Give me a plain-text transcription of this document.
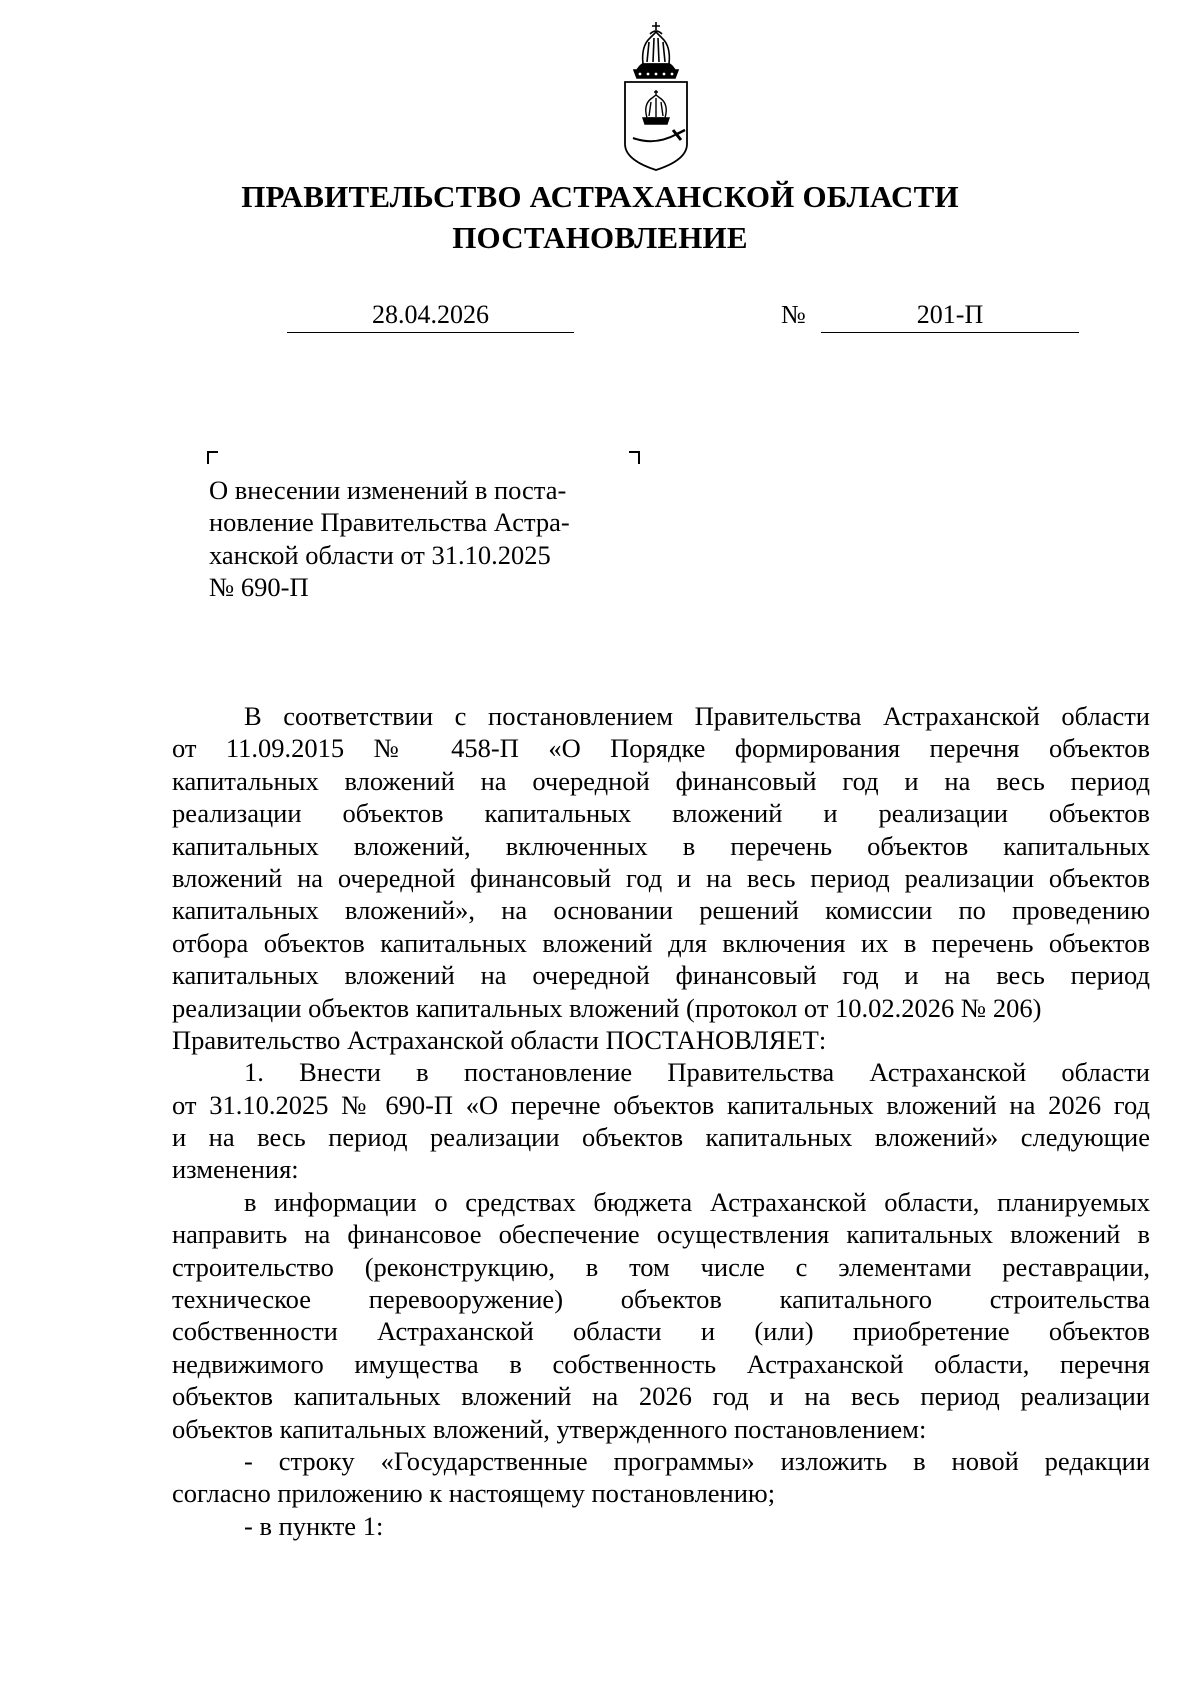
ПРАВИТЕЛЬСТВО АСТРАХАНСКОЙ ОБЛАСТИ
ПОСТАНОВЛЕНИЕ
28.04.2026	№	201-П
О внесении изменений в поста-
новление Правительства Астра-
ханской области от 31.10.2025
№ 690-П
В соответствии с постановлением Правительства Астраханской области
от 11.09.2015 № 458-П «О Порядке формирования перечня объектов
капитальных вложений на очередной финансовый год и на весь период
реализации объектов капитальных вложений и реализации объектов
капитальных вложений, включенных в перечень объектов капитальных
вложений на очередной финансовый год и на весь период реализации объектов
капитальных вложений», на основании решений комиссии по проведению
отбора объектов капитальных вложений для включения их в перечень объектов
капитальных вложений на очередной финансовый год и на весь период
реализации объектов капитальных вложений (протокол от 10.02.2026 № 206)
Правительство Астраханской области ПОСТАНОВЛЯЕТ:
1. Внести в постановление Правительства Астраханской области
от 31.10.2025 № 690-П «О перечне объектов капитальных вложений на 2026 год
и на весь период реализации объектов капитальных вложений» следующие
изменения:
в информации о средствах бюджета Астраханской области, планируемых
направить на финансовое обеспечение осуществления капитальных вложений в
строительство (реконструкцию, в том числе с элементами реставрации,
техническое перевооружение) объектов капитального строительства
собственности Астраханской области и (или) приобретение объектов
недвижимого имущества в собственность Астраханской области, перечня
объектов капитальных вложений на 2026 год и на весь период реализации
объектов капитальных вложений, утвержденного постановлением:
- строку «Государственные программы» изложить в новой редакции
согласно приложению к настоящему постановлению;
- в пункте 1:
